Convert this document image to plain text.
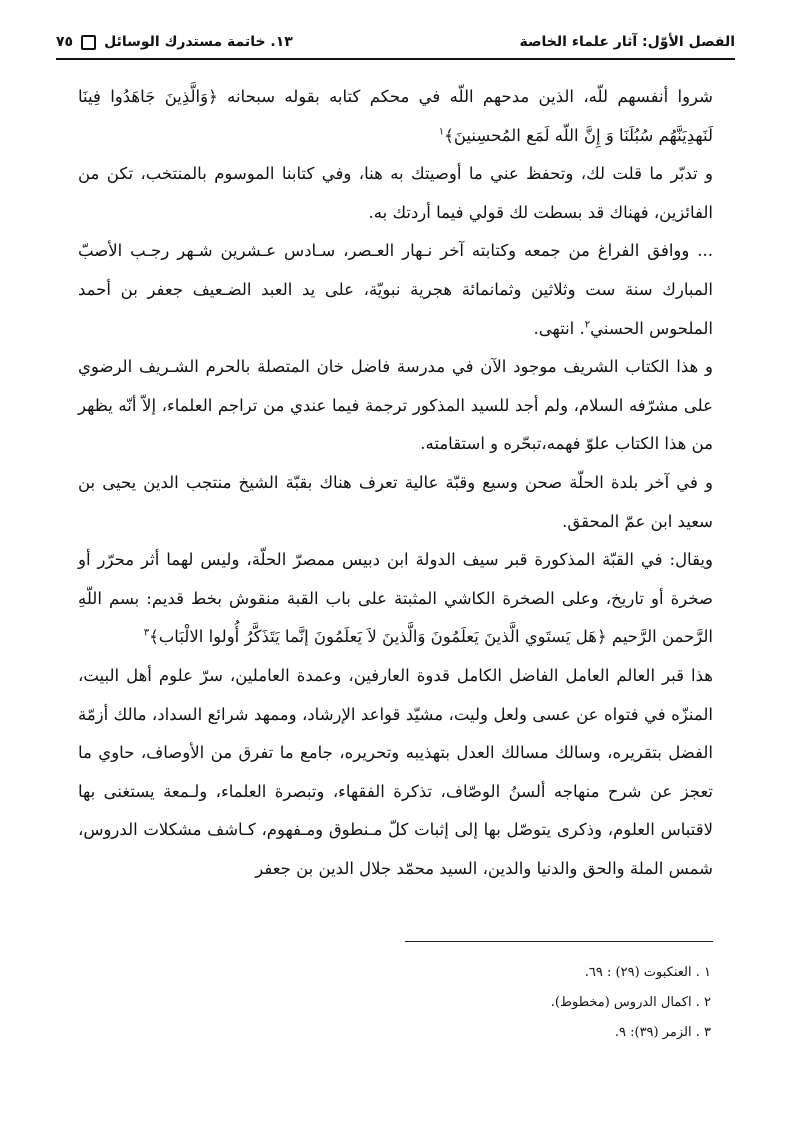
الفصل الأوّل: آثار علماء الخاصة
١٣. خاتمة مستدرك الوسائل
٧٥

شروا أنفسهم للّه، الذين مدحهم اللّه في محكم كتابه بقوله سبحانه ﴿وَالَّذِينَ جَاهَدُوا فِينَا لَنَهدِيَنَّهُم سُبُلَنَا وَ إِنَّ اللّه لَمَع المُحسِنينَ﴾$^١$

و تدبّر ما قلت لك، وتحفظ عني ما أوصيتك به هنا، وفي كتابنا الموسوم بالمنتخب، تكن من الفائزين، فهناك قد بسطت لك قولي فيما أردتك به.

... ووافق الفراغ من جمعه وكتابته آخر نـهار العـصر، سـادس عـشرين شـهر رجـب الأصبّ المبارك سنة ست وثلاثين وثمانمائة هجرية نبويّة، على يد العبد الضـعيف جعفر بن أحمد الملحوس الحسني$^٢$. انتهى.

و هذا الكتاب الشريف موجود الآن في مدرسة فاضل خان المتصلة بالحرم الشـريف الرضوي على مشرّفه السلام، ولم أجد للسيد المذكور ترجمة فيما عندي من تراجم العلماء، إلاّ أنّه يظهر من هذا الكتاب علوّ فهمه،تبحّره و استقامته.

و في آخر بلدة الحلّة صحن وسيع وقبّة عالية تعرف هناك بقبّة الشيخ منتجب الدين يحيى بن سعيد ابن عمّ المحقق.

ويقال: في القبّة المذكورة قبر سيف الدولة ابن دبيس ممصرّ الحلّة، وليس لهما أثر محرّر أو صخرة أو تاريخ، وعلى الصخرة الكاشي المثبتة على باب القبة منقوش بخط قديم: بسم اللّهِ الرَّحمن الرَّحيم ﴿هَل يَستَوي الَّذينَ يَعلَمُونَ وَالَّذينَ لاَ يَعلَمُونَ إنَّما يَتَذَكَّرُ أُولوا الالْبَاب﴾$^٣$

هذا قبر العالم العامل الفاضل الكامل قدوة العارفين، وعمدة العاملين، سرّ علوم أهل البيت، المنزّه في فتواه عن عسى ولعل وليت، مشيّد قواعد الإرشاد، وممهد شرائع السداد، مالك أزمّة الفضل بتقريره، وسالك مسالك العدل بتهذيبه وتحريره، جامع ما تفرق من الأوصاف، حاوي ما تعجز عن شرح منهاجه ألسنُ الوصّاف، تذكرة الفقهاء، وتبصرة العلماء، ولـمعة يستغنى بها لاقتباس العلوم، وذكرى يتوصّل بها إلى إثبات كلّ مـنطوق ومـفهوم، كـاشف مشكلات الدروس، شمس الملة والحق والدنيا والدين، السيد محمّد جلال الدين بن جعفر

١ . العنكبوت (٢٩) : ٦٩.
٢ . اكمال الدروس (مخطوط).
٣ . الزمر (٣٩): ٩.
